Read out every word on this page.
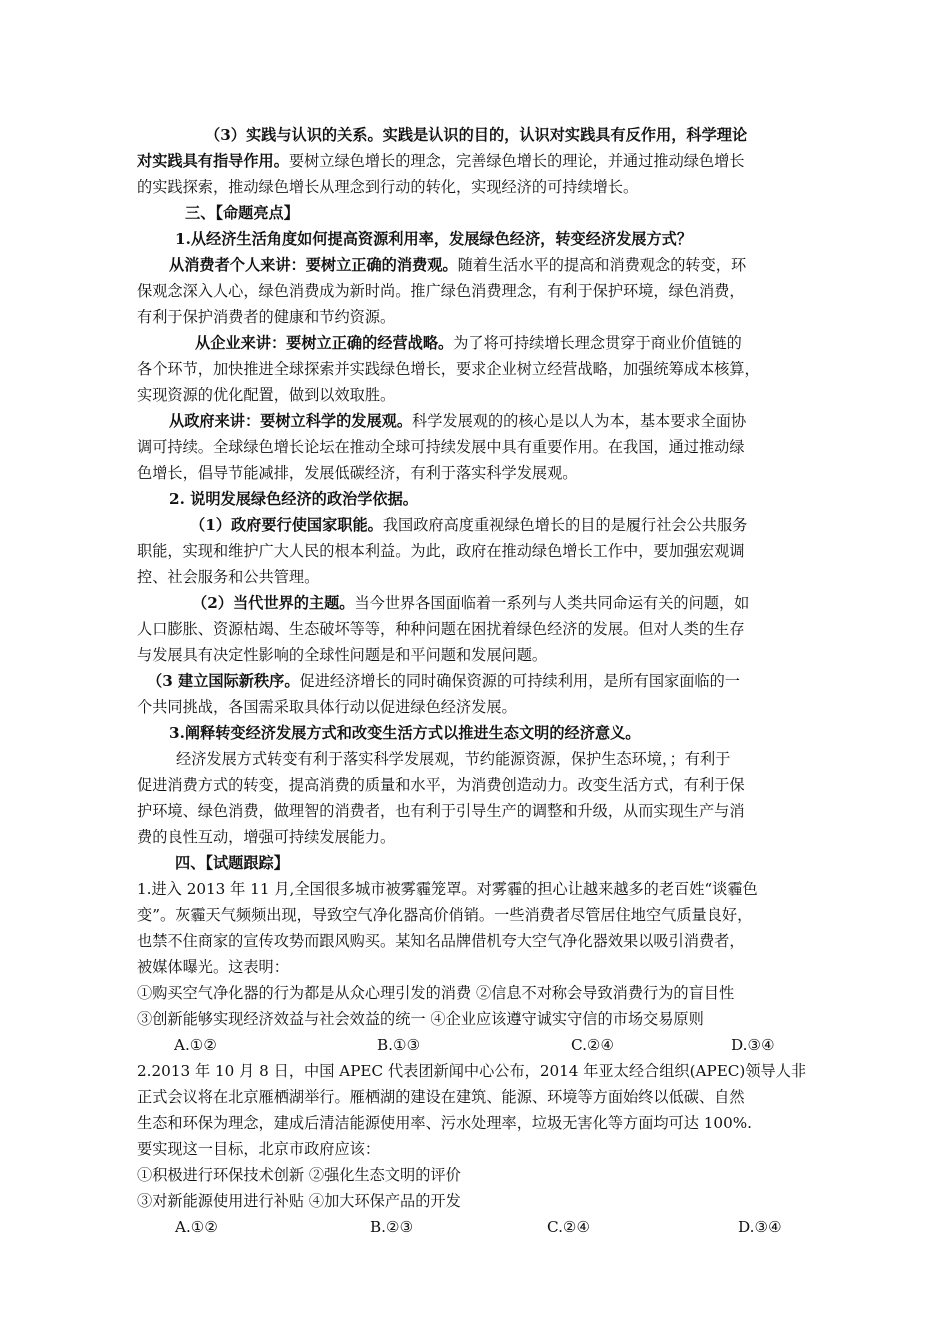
（3）实践与认识的关系。实践是认识的目的，认识对实践具有反作用，科学理论
对实践具有指导作用。要树立绿色增长的理念，完善绿色增长的理论，并通过推动绿色增长
的实践探索，推动绿色增长从理念到行动的转化，实现经济的可持续增长。
三、【命题亮点】
1.从经济生活角度如何提高资源利用率，发展绿色经济，转变经济发展方式？
从消费者个人来讲：要树立正确的消费观。随着生活水平的提高和消费观念的转变，环
保观念深入人心，绿色消费成为新时尚。推广绿色消费理念，有利于保护环境，绿色消费，
有利于保护消费者的健康和节约资源。
从企业来讲：要树立正确的经营战略。为了将可持续增长理念贯穿于商业价值链的
各个环节，加快推进全球探索并实践绿色增长，要求企业树立经营战略，加强统筹成本核算，
实现资源的优化配置，做到以效取胜。
从政府来讲：要树立科学的发展观。科学发展观的的核心是以人为本，基本要求全面协
调可持续。全球绿色增长论坛在推动全球可持续发展中具有重要作用。在我国，通过推动绿
色增长，倡导节能减排，发展低碳经济，有利于落实科学发展观。
2. 说明发展绿色经济的政治学依据。
（1）政府要行使国家职能。我国政府高度重视绿色增长的目的是履行社会公共服务
职能，实现和维护广大人民的根本利益。为此，政府在推动绿色增长工作中，要加强宏观调
控、社会服务和公共管理。
（2）当代世界的主题。当今世界各国面临着一系列与人类共同命运有关的问题，如
人口膨胀、资源枯竭、生态破坏等等，种种问题在困扰着绿色经济的发展。但对人类的生存
与发展具有决定性影响的全球性问题是和平问题和发展问题。
（3 建立国际新秩序。促进经济增长的同时确保资源的可持续利用，是所有国家面临的一
个共同挑战，各国需采取具体行动以促进绿色经济发展。
3.阐释转变经济发展方式和改变生活方式以推进生态文明的经济意义。
经济发展方式转变有利于落实科学发展观，节约能源资源，保护生态环境，；有利于
促进消费方式的转变，提高消费的质量和水平，为消费创造动力。改变生活方式，有利于保
护环境、绿色消费，做理智的消费者，也有利于引导生产的调整和升级，从而实现生产与消
费的良性互动，增强可持续发展能力。
四、【试题跟踪】
1.进入 2013 年 11 月,全国很多城市被雾霾笼罩。对雾霾的担心让越来越多的老百姓“谈霾色
变”。灰霾天气频频出现，导致空气净化器高价俏销。一些消费者尽管居住地空气质量良好，
也禁不住商家的宣传攻势而跟风购买。某知名品牌借机夸大空气净化器效果以吸引消费者，
被媒体曝光。这表明：
①购买空气净化器的行为都是从众心理引发的消费 ②信息不对称会导致消费行为的盲目性
③创新能够实现经济效益与社会效益的统一 ④企业应该遵守诚实守信的市场交易原则
A.①②	B.①③	C.②④	D.③④
2.2013 年 10 月 8 日，中国 APEC 代表团新闻中心公布，2014 年亚太经合组织(APEC)领导人非
正式会议将在北京雁栖湖举行。雁栖湖的建设在建筑、能源、环境等方面始终以低碳、自然
生态和环保为理念，建成后清洁能源使用率、污水处理率，垃圾无害化等方面均可达 100%.
要实现这一目标，北京市政府应该：
①积极进行环保技术创新 ②强化生态文明的评价
③对新能源使用进行补贴 ④加大环保产品的开发
A.①②	B.②③	C.②④	D.③④
